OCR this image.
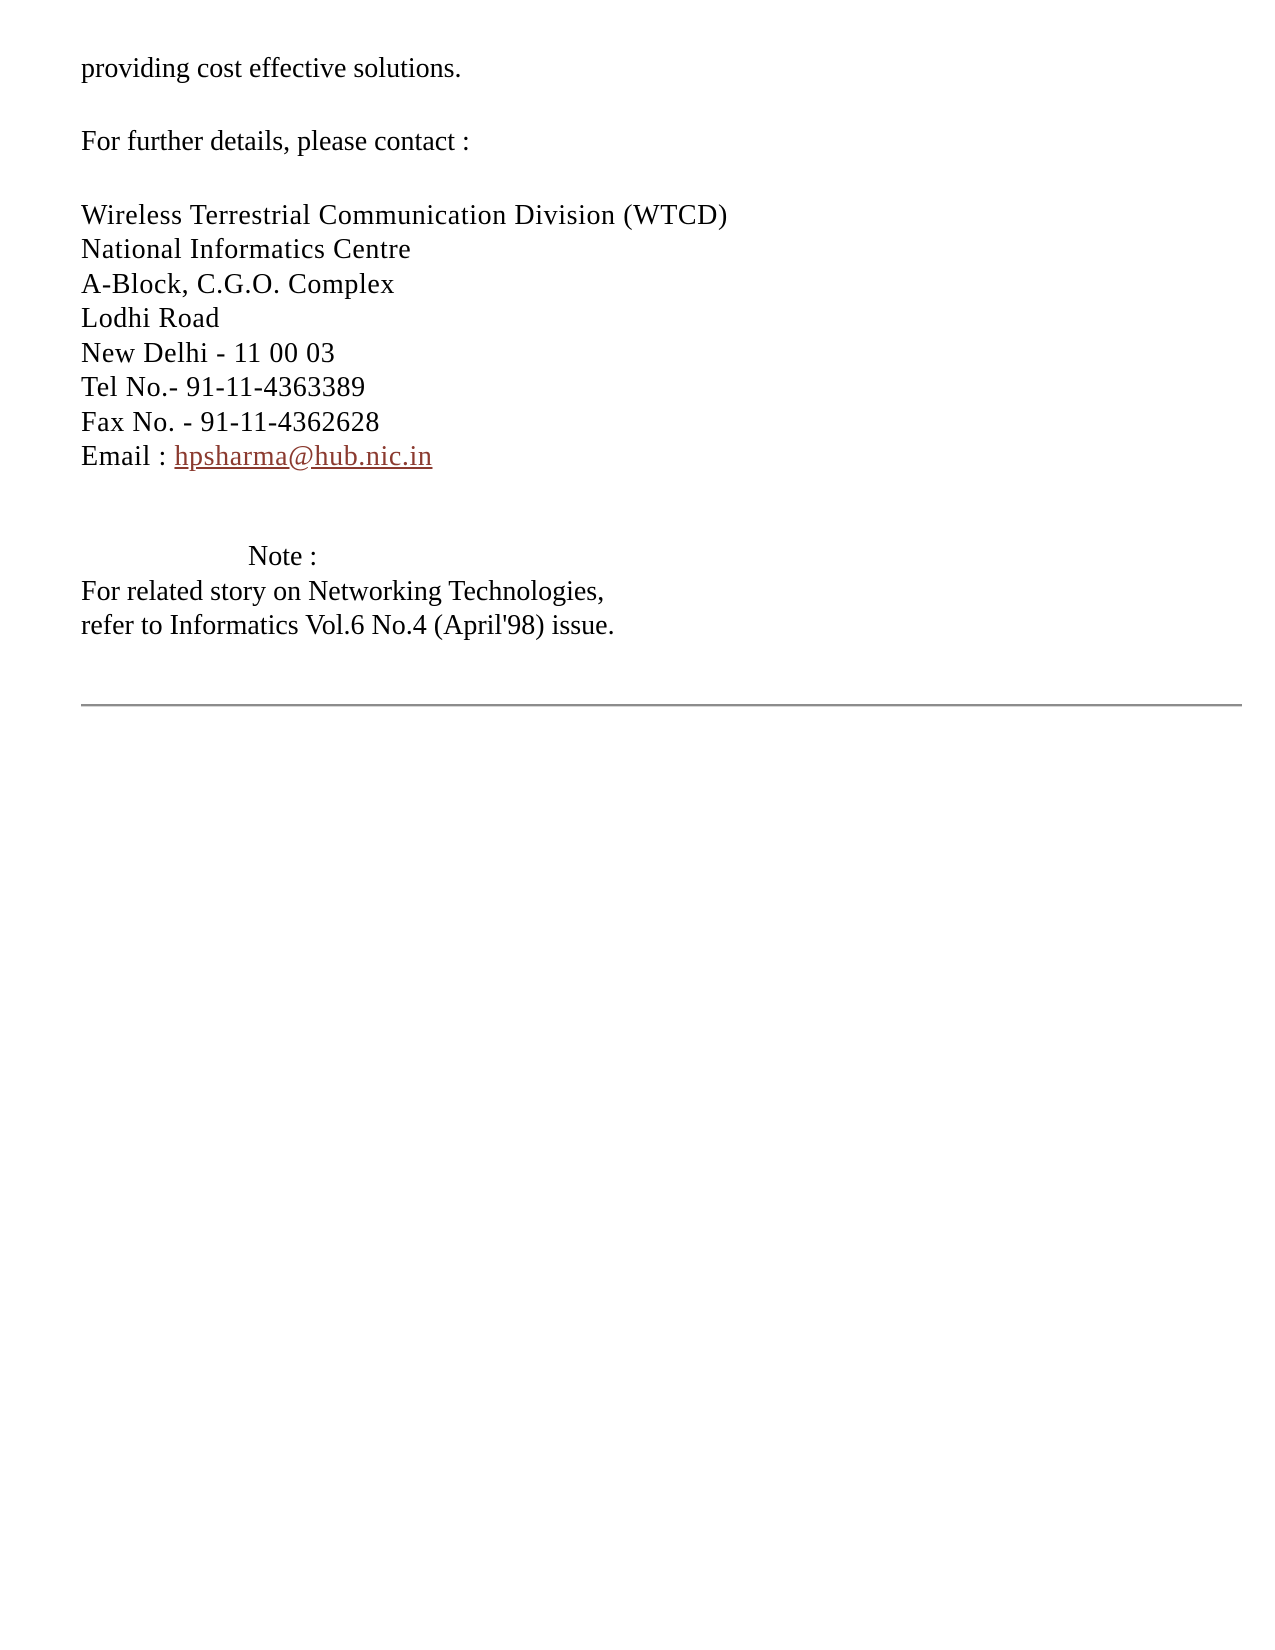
providing cost effective solutions.
For further details, please contact :
Wireless Terrestrial Communication Division (WTCD)
National Informatics Centre
A-Block, C.G.O. Complex
Lodhi Road
New Delhi - 11 00 03
Tel No.- 91-11-4363389
Fax No. - 91-11-4362628
Email : hpsharma@hub.nic.in
Note :
For related story on Networking Technologies,
refer to Informatics Vol.6 No.4 (April'98) issue.
